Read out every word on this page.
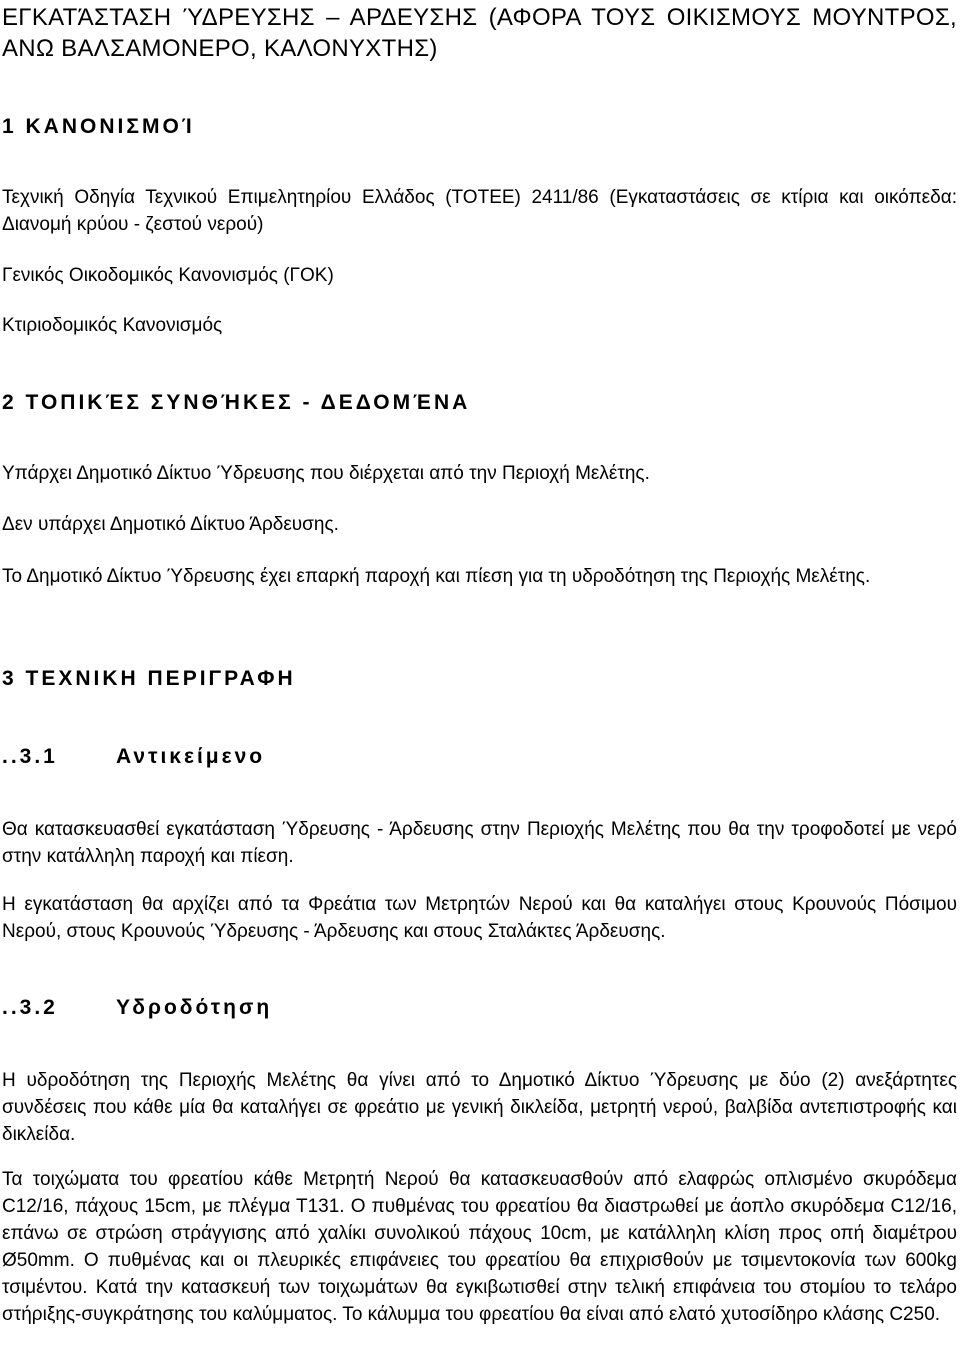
ΕΓΚΑΤΆΣΤΑΣΗ ΎΔΡΕΥΣΗΣ – ΑΡΔΕΥΣΗΣ (ΑΦΟΡΑ ΤΟΥΣ ΟΙΚΙΣΜΟΥΣ ΜΟΥΝΤΡΟΣ, ΑΝΩ ΒΑΛΣΑΜΟΝΕΡΟ, ΚΑΛΟΝΥΧΤΗΣ)
1 ΚΑΝΟΝΙΣΜΟΊ

Τεχνική Οδηγία Τεχνικού Επιμελητηρίου Ελλάδος (ΤΟΤΕΕ) 2411/86 (Εγκαταστάσεις σε κτίρια και οικόπεδα: Διανομή κρύου - ζεστού νερού)

Γενικός Οικοδομικός Κανονισμός (ΓΟΚ)

Κτιριοδομικός Κανονισμός

2 ΤΟΠΙΚΈΣ ΣΥΝΘΉΚΕΣ - ΔΕΔΟΜΈΝΑ

Υπάρχει Δημοτικό Δίκτυο Ύδρευσης που διέρχεται από την Περιοχή Μελέτης.

Δεν υπάρχει Δημοτικό Δίκτυο Άρδευσης.

Το Δημοτικό Δίκτυο Ύδρευσης έχει επαρκή παροχή και πίεση για τη υδροδότηση της Περιοχής Μελέτης.

3 ΤΕΧΝΙΚΗ ΠΕΡΙΓΡΑΦΗ
..3.1	Αντικείμενο

Θα κατασκευασθεί εγκατάσταση Ύδρευσης - Άρδευσης στην Περιοχής Μελέτης που θα την τροφοδοτεί με νερό στην κατάλληλη παροχή και πίεση.

Η εγκατάσταση θα αρχίζει από τα Φρεάτια των Μετρητών Νερού και θα καταλήγει στους Κρουνούς Πόσιμου Νερού, στους Κρουνούς Ύδρευσης - Άρδευσης και στους Σταλάκτες Άρδευσης.

..3.2	Υδροδότηση

Η υδροδότηση της Περιοχής Μελέτης θα γίνει από το Δημοτικό Δίκτυο Ύδρευσης με δύο (2) ανεξάρτητες συνδέσεις που κάθε μία θα καταλήγει σε φρεάτιο με γενική δικλείδα, μετρητή νερού, βαλβίδα αντεπιστροφής και δικλείδα.

Τα τοιχώματα του φρεατίου κάθε Μετρητή Νερού θα κατασκευασθούν από ελαφρώς οπλισμένο σκυρόδεμα C12/16, πάχους 15cm, με πλέγμα Τ131. Ο πυθμένας του φρεατίου θα διαστρωθεί με άοπλο σκυρόδεμα C12/16, επάνω σε στρώση στράγγισης από χαλίκι συνολικού πάχους 10cm, με κατάλληλη κλίση προς οπή διαμέτρου Ø50mm. Ο πυθμένας και οι πλευρικές επιφάνειες του φρεατίου θα επιχρισθούν με τσιμεντοκονία των 600kg τσιμέντου. Κατά την κατασκευή των τοιχωμάτων θα εγκιβωτισθεί στην τελική επιφάνεια του στομίου το τελάρο στήριξης-συγκράτησης του καλύμματος. Το κάλυμμα του φρεατίου θα είναι από ελατό χυτοσίδηρο κλάσης C250.
